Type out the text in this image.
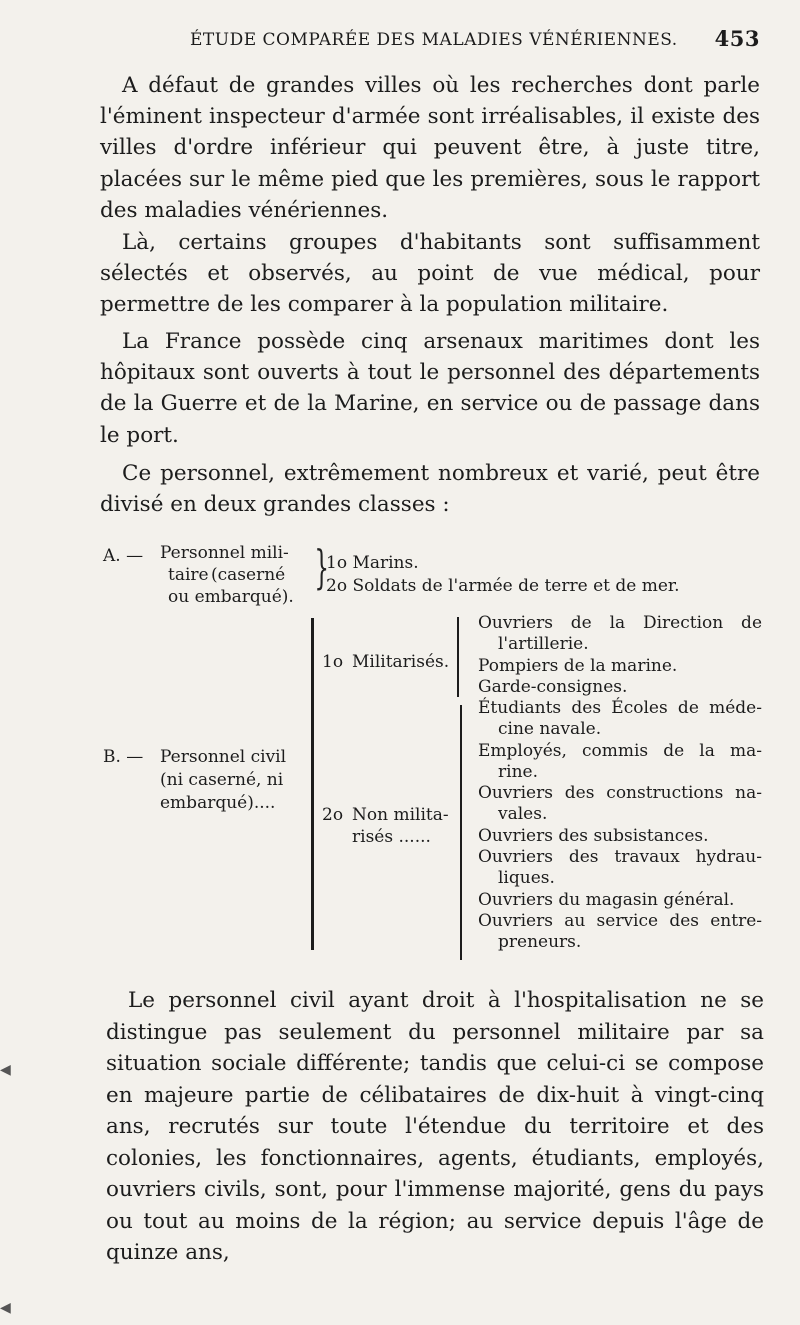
ÉTUDE COMPARÉE DES MALADIES VÉNÉRIENNES. 453
A défaut de grandes villes où les recherches dont parle l'éminent inspecteur d'armée sont irréalisables, il existe des villes d'ordre inférieur qui peuvent être, à juste titre, placées sur le même pied que les premières, sous le rapport des maladies vénériennes.
Là, certains groupes d'habitants sont suffisamment sélectés et observés, au point de vue médical, pour permettre de les comparer à la population militaire.
La France possède cinq arsenaux maritimes dont les hôpitaux sont ouverts à tout le personnel des départements de la Guerre et de la Marine, en service ou de passage dans le port.
Ce personnel, extrêmement nombreux et varié, peut être divisé en deux grandes classes :
A. — Personnel mili-
taire (caserné
ou embarqué).
}
1o Marins.
2o Soldats de l'armée de terre et de mer.
B. — Personnel civil
(ni caserné, ni
embarqué)....
1o Militarisés.
2o Non milita-
risés ......
Ouvriers de la Direction de
l'artillerie.
Pompiers de la marine.
Garde-consignes.
Étudiants des Écoles de méde-
cine navale.
Employés, commis de la ma-
rine.
Ouvriers des constructions na-
vales.
Ouvriers des subsistances.
Ouvriers des travaux hydrau-
liques.
Ouvriers du magasin général.
Ouvriers au service des entre-
preneurs.
Le personnel civil ayant droit à l'hospitalisation ne se distingue pas seulement du personnel militaire par sa situation sociale différente; tandis que celui-ci se compose en majeure partie de célibataires de dix-huit à vingt-cinq ans, recrutés sur toute l'étendue du territoire et des colonies, les fonctionnaires, agents, étudiants, employés, ouvriers civils, sont, pour l'immense majorité, gens du pays ou tout au moins de la région; au service depuis l'âge de quinze ans,
◀
◀
